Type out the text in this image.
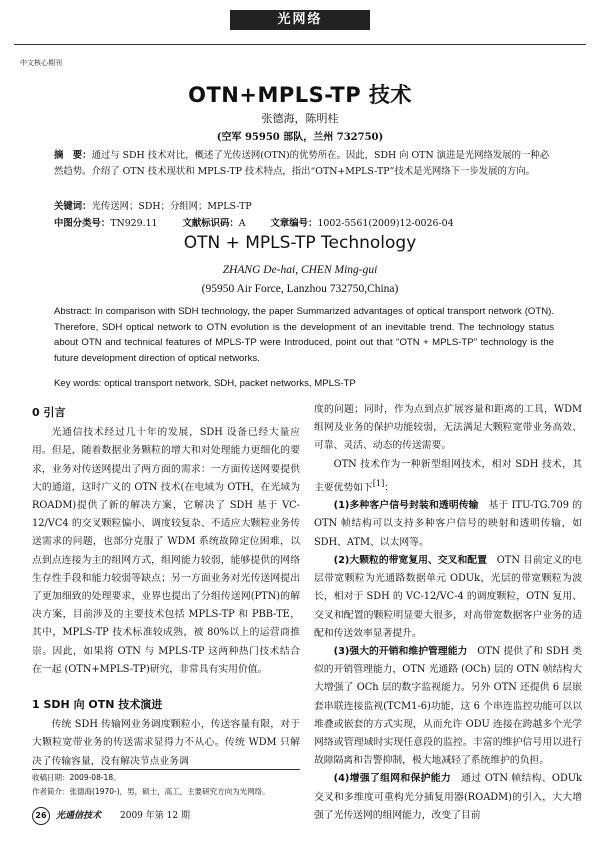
光网络
中文核心期刊
OTN+MPLS-TP 技术
张德海，陈明桂
(空军 95950 部队，兰州 732750)
摘　要：通过与 SDH 技术对比，概述了光传送网(OTN)的优势所在。因此，SDH 向 OTN 演进是光网络发展的一种必然趋势。介绍了 OTN 技术现状和 MPLS-TP 技术特点，指出“OTN+MPLS-TP”技术是光网络下一步发展的方向。
关键词：光传送网；SDH；分组网；MPLS-TP
中图分类号：TN929.11	文献标识码：A	文章编号：1002-5561(2009)12-0026-04
OTN + MPLS-TP Technology
ZHANG De-hai, CHEN Ming-gui
(95950 Air Force, Lanzhou 732750,China)
Abstract: In comparison with SDH technology, the paper Summarized advantages of optical transport network (OTN). Therefore, SDH optical network to OTN evolution is the development of an inevitable trend. The technology status about OTN and technical features of MPLS-TP were Introduced, point out that "OTN + MPLS-TP" technology is the future development direction of optical networks.
Key words: optical transport network, SDH, packet networks, MPLS-TP
0 引言

光通信技术经过几十年的发展，SDH 设备已经大量应用。但是，随着数据业务颗粒的增大和对处理能力更细化的要求，业务对传送网提出了两方面的需求：一方面传送网要提供大的通道，这时广义的 OTN 技术(在电域为 OTH，在光域为 ROADM)提供了新的解决方案，它解决了 SDH 基于 VC-12/VC4 的交叉颗粒偏小、调度较复杂、不适应大颗粒业务传送需求的问题，也部分克服了 WDM 系统故障定位困难，以点到点连接为主的组网方式，组网能力较弱，能够提供的网络生存性手段和能力较弱等缺点；另一方面业务对光传送网提出了更加细致的处理要求，业界也提出了分组传送网(PTN)的解决方案，目前涉及的主要技术包括 MPLS-TP 和 PBB-TE，其中，MPLS-TP 技术标准较成熟，被 80%以上的运营商推崇。因此，如果将 OTN 与 MPLS-TP 这两种热门技术结合在一起 (OTN+MPLS-TP)研究，非常具有实用价值。

1 SDH 向 OTN 技术演进

传统 SDH 传输网业务调度颗粒小，传送容量有限，对于大颗粒宽带业务的传送需求显得力不从心。传统 WDM 只解决了传输容量，没有解决节点业务调

度的问题；同时，作为点到点扩展容量和距离的工具，WDM 组网及业务的保护功能较弱，无法满足大颗粒宽带业务高效、可靠、灵活、动态的传送需要。

OTN 技术作为一种新型组网技术，相对 SDH 技术，其主要优势如下[1]：

(1)多种客户信号封装和透明传输　基于 ITU-TG.709 的 OTN 帧结构可以支持多种客户信号的映射和透明传输，如 SDH、ATM、以太网等。

(2)大颗粒的带宽复用、交叉和配置　OTN 目前定义的电层带宽颗粒为光通路数据单元 ODUk，光层的带宽颗粒为波长，相对于 SDH 的 VC-12/VC-4 的调度颗粒，OTN 复用、交叉和配置的颗粒明显要大很多，对高带宽数据客户业务的适配和传送效率显著提升。

(3)强大的开销和维护管理能力　OTN 提供了和 SDH 类似的开销管理能力，OTN 光通路 (OCh) 层的 OTN 帧结构大大增强了 OCh 层的数字监视能力。另外 OTN 还提供 6 层嵌套串联连接监视(TCM1-6)功能，这 6 个串连监控功能可以以堆叠或嵌套的方式实现，从而允许 ODU 连接在跨越多个光学网络或管理域时实现任意段的监控。丰富的维护信号用以进行故障隔离和告警抑制，极大地减轻了系统维护的负担。

(4)增强了组网和保护能力　通过 OTN 帧结构、ODUk 交叉和多维度可重构光分插复用器(ROADM)的引入，大大增强了光传送网的组网能力，改变了目前

收稿日期：2009-08-18。
作者简介：张德海(1970-)，男，硕士，高工，主要研究方向为光网络。
26	光通信技术 2009 年第 12 期
